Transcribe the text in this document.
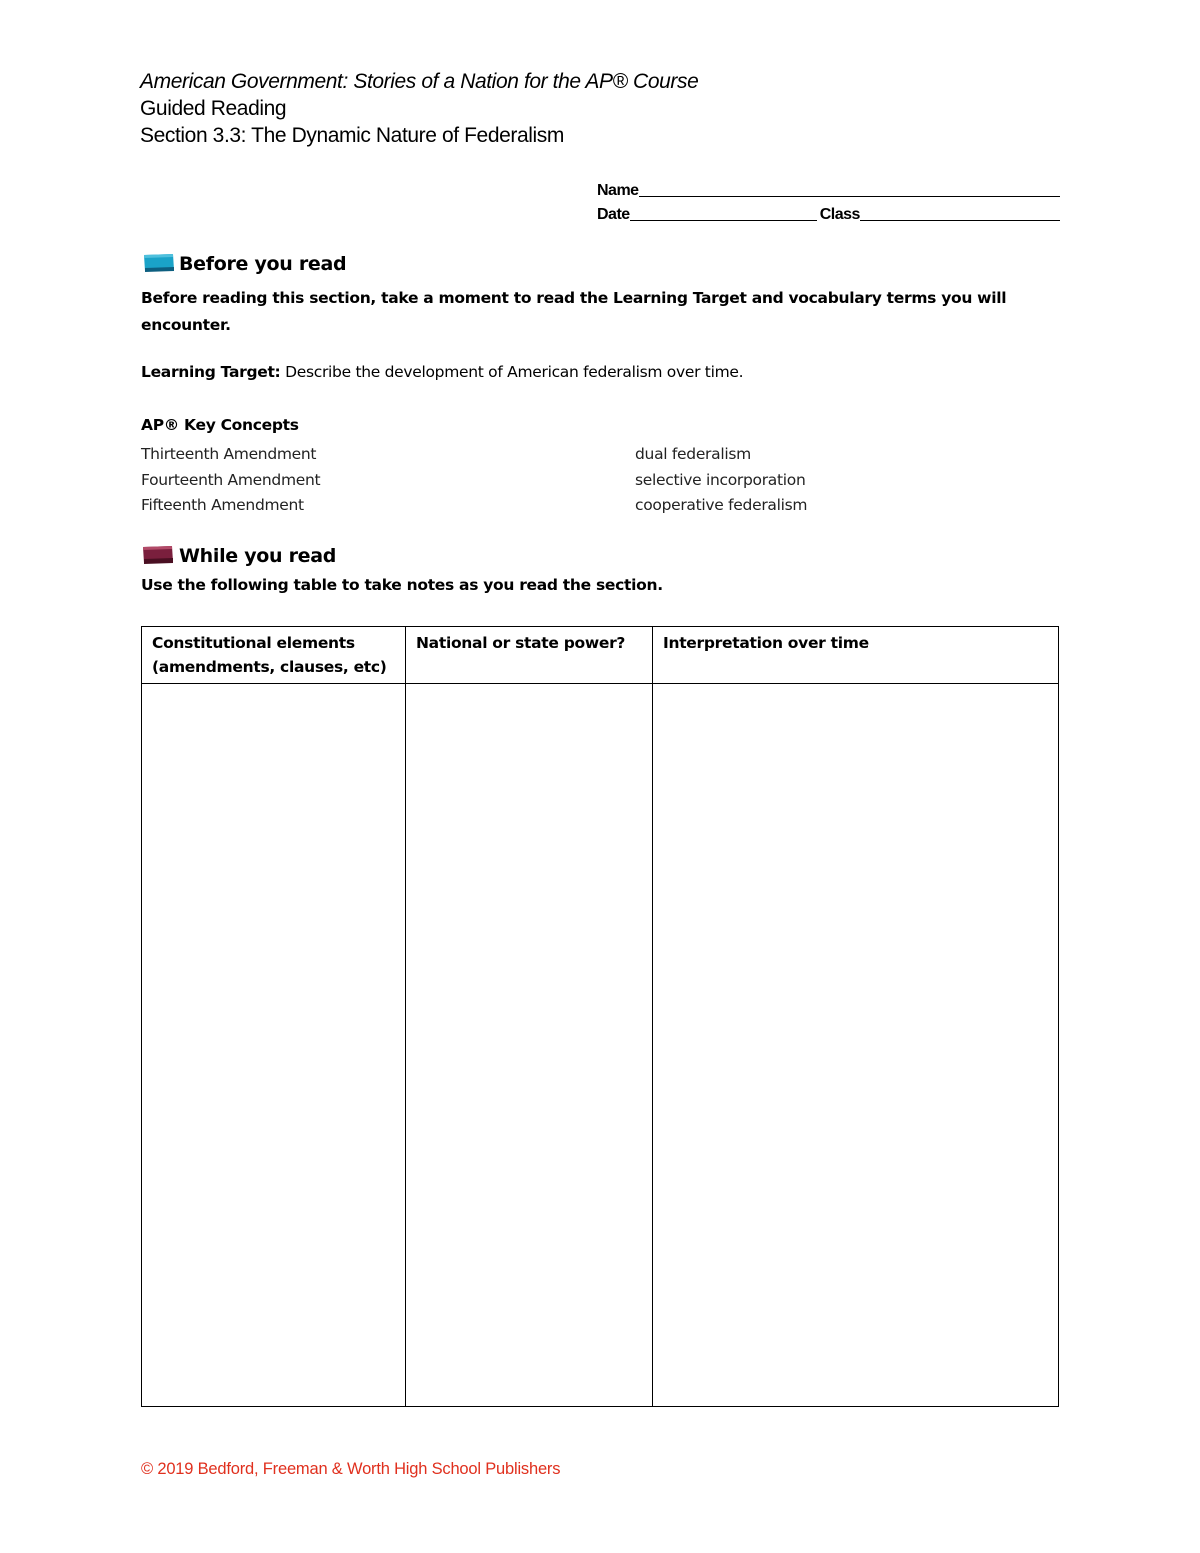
American Government: Stories of a Nation for the AP® Course
Guided Reading
Section 3.3: The Dynamic Nature of Federalism
Name
Date	Class
Before you read
Before reading this section, take a moment to read the Learning Target and vocabulary terms you will encounter.
Learning Target: Describe the development of American federalism over time.
AP® Key Concepts
Thirteenth Amendment
Fourteenth Amendment
Fifteenth Amendment
dual federalism
selective incorporation
cooperative federalism
While you read
Use the following table to take notes as you read the section.
Constitutional elements (amendments, clauses, etc)	National or state power?	Interpretation over time

© 2019 Bedford, Freeman & Worth High School Publishers
